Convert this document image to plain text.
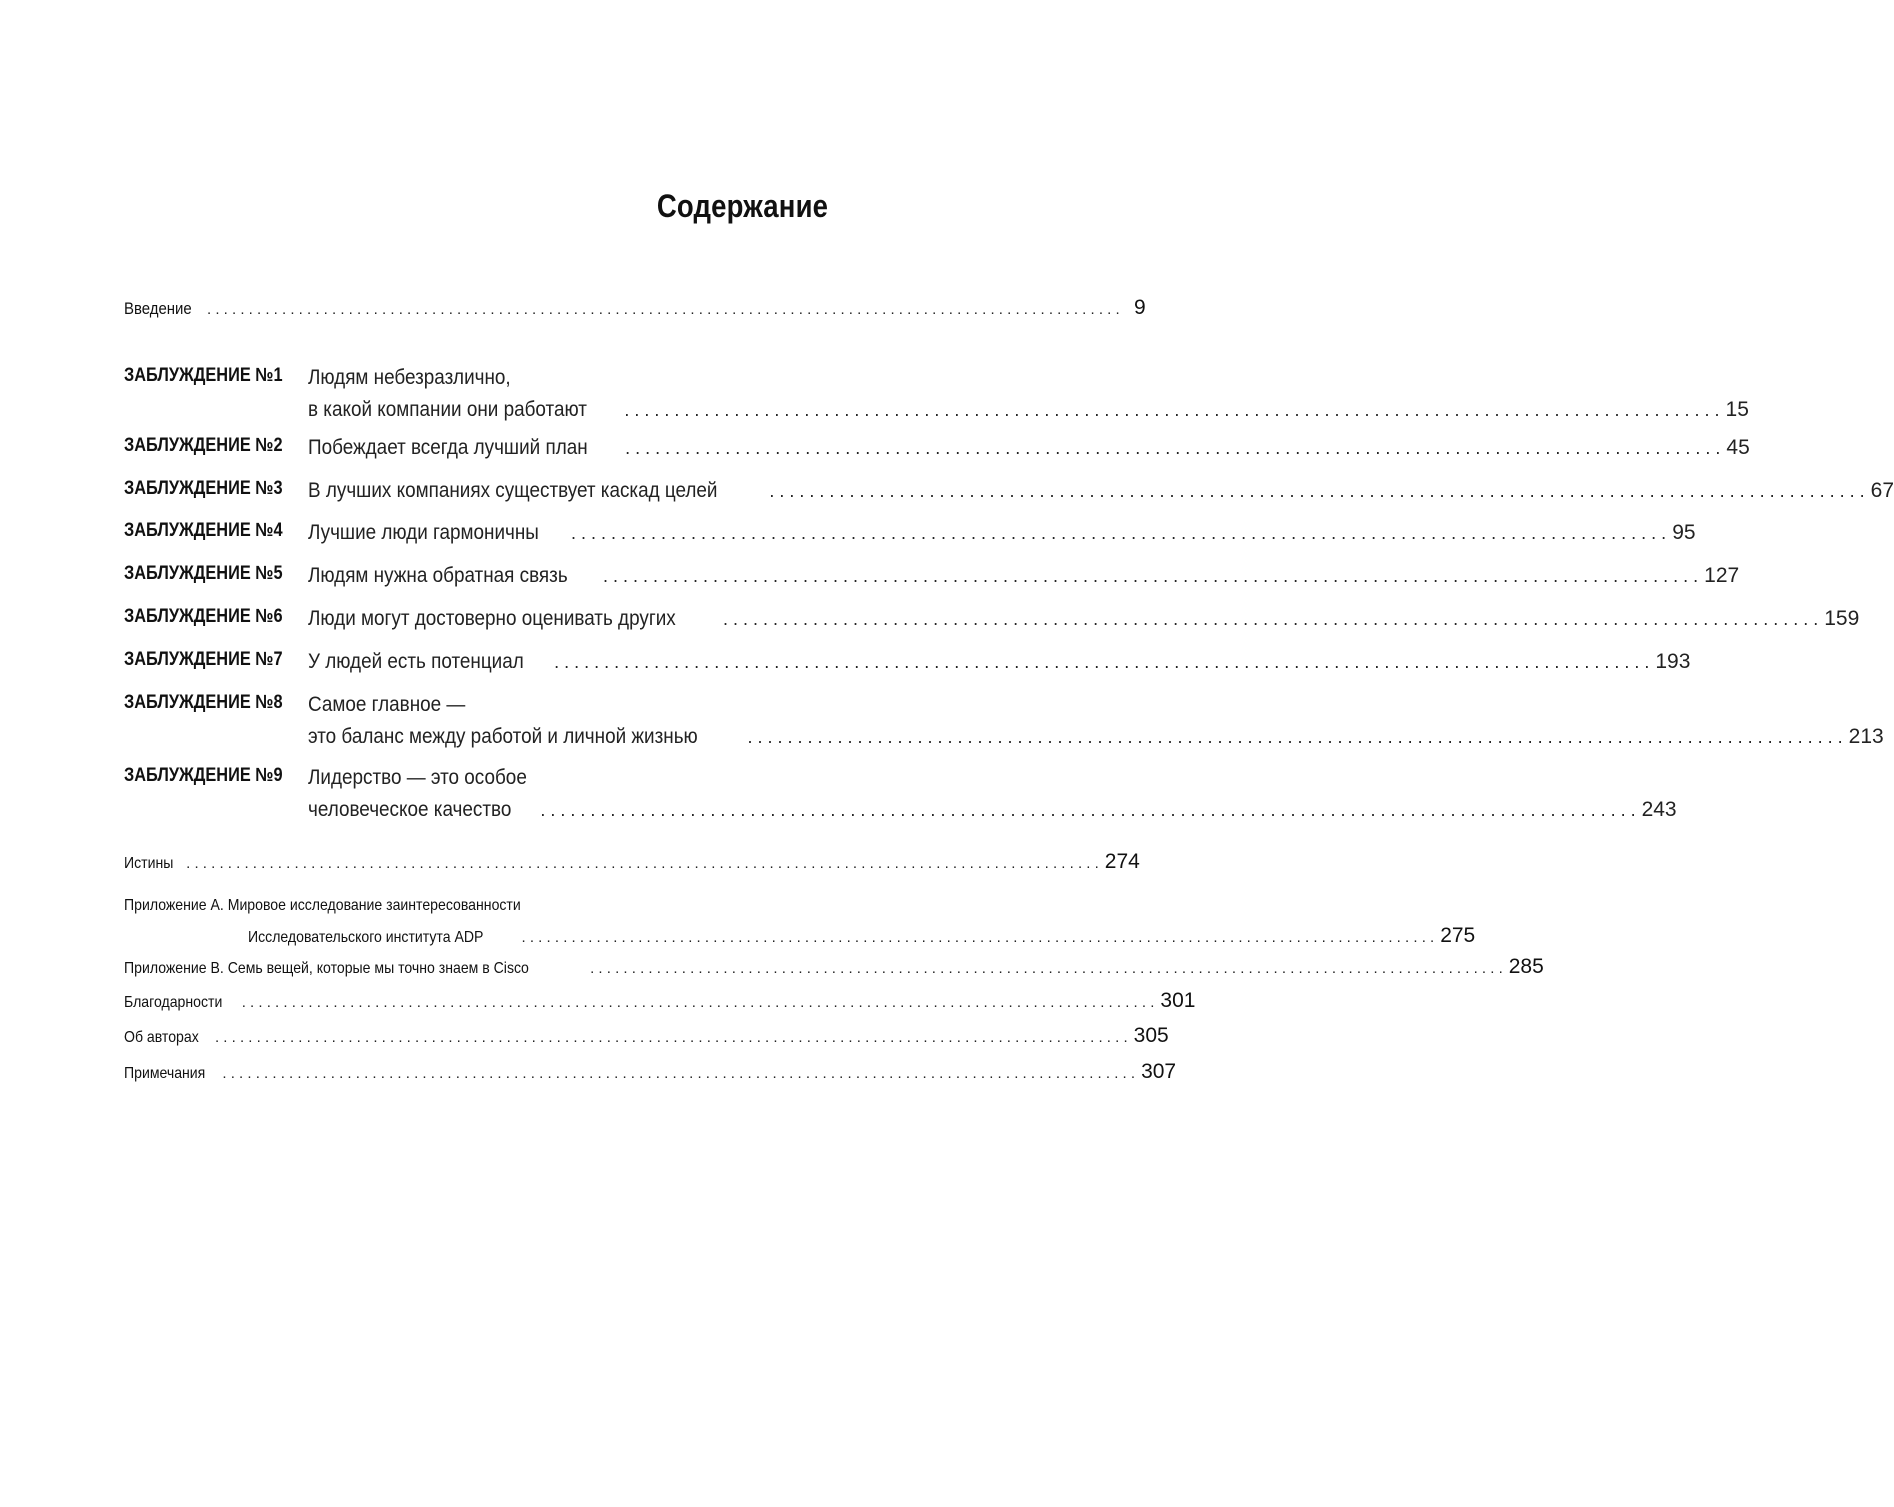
Содержание
Введение . . .	9
ЗАБЛУЖДЕНИЕ №1 Людям небезразлично,
в какой компании они работают . . .	15
ЗАБЛУЖДЕНИЕ №2 Побеждает всегда лучший план . . .	45
ЗАБЛУЖДЕНИЕ №3 В лучших компаниях существует каскад целей . . .	67
ЗАБЛУЖДЕНИЕ №4 Лучшие люди гармоничны . . .	95
ЗАБЛУЖДЕНИЕ №5 Людям нужна обратная связь . . .	127
ЗАБЛУЖДЕНИЕ №6 Люди могут достоверно оценивать других . . .	159
ЗАБЛУЖДЕНИЕ №7 У людей есть потенциал . . .	193
ЗАБЛУЖДЕНИЕ №8 Самое главное —
это баланс между работой и личной жизнью . . .	213
ЗАБЛУЖДЕНИЕ №9 Лидерство — это особое
человеческое качество . . .	243
Истины . . .	274
Приложение А. Мировое исследование заинтересованности
Исследовательского института ADP . . .	275
Приложение В. Семь вещей, которые мы точно знаем в Cisco . . .	285
Благодарности . . .	301
Об авторах . . .	305
Примечания . . .	307
